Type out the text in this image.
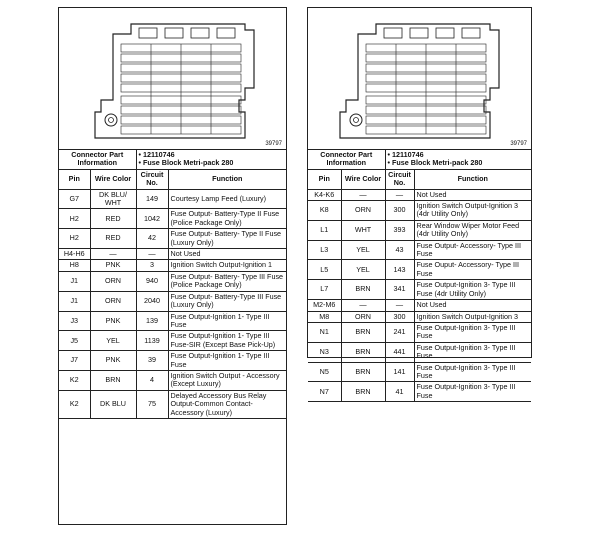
39797
Connector Part Information		• 12110746
• Fuse Block Metri-pack 280

Pin	Wire Color	Circuit No.	Function
G7	DK BLU/ WHT	149	Courtesy Lamp Feed (Luxury)
H2	RED	1042	Fuse Output- Battery-Type II Fuse (Police Package Only)
H2	RED	42	Fuse Output- Battery- Type II Fuse (Luxury Only)
H4-H6	—	—	Not Used
H8	PNK	3	Ignition Switch Output-Ignition 1
J1	ORN	940	Fuse Output- Battery- Type III Fuse (Police Package Only)
J1	ORN	2040	Fuse Output- Battery-Type III Fuse (Luxury Only)
J3	PNK	139	Fuse Output-Ignition 1- Type III Fuse
J5	YEL	1139	Fuse Output-Ignition 1- Type III Fuse-SIR (Except Base Pick-Up)
J7	PNK	39	Fuse Output-Ignition 1- Type III Fuse
K2	BRN	4	Ignition Switch Output - Accessory (Except Luxury)
K2	DK BLU	75	Delayed Accessory Bus Relay Output-Common Contact-Accessory (Luxury)
39797
Connector Part Information		• 12110746
• Fuse Block Metri-pack 280

Pin	Wire Color	Circuit No.	Function
K4-K6	—	—	Not Used
K8	ORN	300	Ignition Switch Output-Ignition 3 (4dr Utility Only)
L1	WHT	393	Rear Window Wiper Motor Feed (4dr Utility Only)
L3	YEL	43	Fuse Output- Accessory- Type III Fuse
L5	YEL	143	Fuse Ouput- Accessory- Type III Fuse
L7	BRN	341	Fuse Output-Ignition 3- Type III Fuse (4dr Utility Only)
M2-M6	—	—	Not Used
M8	ORN	300	Ignition Switch Output-Ignition 3
N1	BRN	241	Fuse Output-Ignition 3- Type III Fuse
N3	BRN	441	Fuse Output-Ignition 3- Type III Fuse
N5	BRN	141	Fuse Output-Ignition 3- Type III Fuse
N7	BRN	41	Fuse Output-Ignition 3- Type III Fuse
